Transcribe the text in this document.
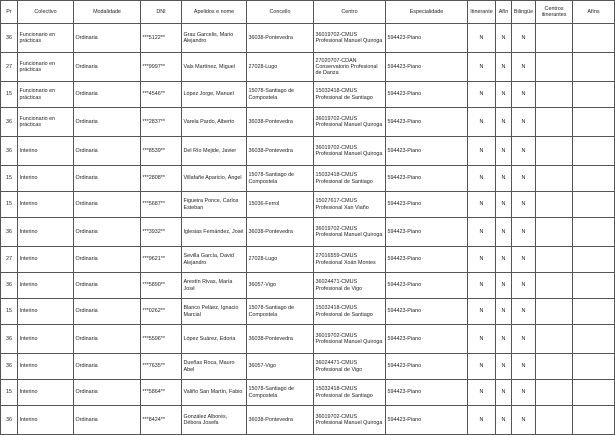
Pr	Colectivo	Modalidade	DNI	Apelidos e nome	Concello	Centro	Especialidade	Itinerante	Afín	Bilingüe	Centros itinerantes	Afíns
36	Funcionario en prácticas	Ordinaria	***5122**	Grau Garcelis, Mario Alejandro	36038-Pontevedra	36019702-CMUS Profesional Manuel Quiroga	594423-Piano	N	N	N		
27	Funcionario en prácticas	Ordinaria	***9997**	Vals Martínez, Miguel	27028-Lugo	27020707-CDAN Conservatorio Profesional de Danza	594423-Piano	N	N	N		
15	Funcionario en prácticas	Ordinaria	***4546**	López Jorge, Manuel	15078-Santiago de Compostela	15032418-CMUS Profesional de Santiago	594423-Piano	N	N	N		
36	Funcionario en prácticas	Ordinaria	***2837**	Varela Pardo, Alberto	36038-Pontevedra	36019702-CMUS Profesional Manuel Quiroga	594423-Piano	N	N	N		
36	Interino	Ordinaria	***8539**	Del Río Mejide, Javier	36038-Pontevedra	36019702-CMUS Profesional Manuel Quiroga	594423-Piano	N	N	N		
15	Interino	Ordinaria	***2808**	Villafañe Aparicio, Ángel	15078-Santiago de Compostela	15032418-CMUS Profesional de Santiago	594423-Piano	N	N	N		
15	Interino	Ordinaria	***5687**	Figueira Ponce, Carlos Esteban	15036-Ferrol	15027617-CMUS Profesional Xan Viaño	594423-Piano	N	N	N		
36	Interino	Ordinaria	***3932**	Iglesias Fernández, José	36038-Pontevedra	36019702-CMUS Profesional Manuel Quiroga	594423-Piano	N	N	N		
27	Interino	Ordinaria	***9621**	Sevilla García, David Alejandro	27028-Lugo	27016559-CMUS Profesional Xoán Montes	594423-Piano	N	N	N		
36	Interino	Ordinaria	***5890**	Arestín Rivas, María José	36057-Vigo	36024471-CMUS Profesional de Vigo	594423-Piano	N	N	N		
15	Interino	Ordinaria	***0262**	Blanco Peláez, Ignacio Marcial	15078-Santiago de Compostela	15032418-CMUS Profesional de Santiago	594423-Piano	N	N	N		
36	Interino	Ordinaria	***5596**	López Suárez, Edoria	36038-Pontevedra	36019702-CMUS Profesional Manuel Quiroga	594423-Piano	N	N	N		
36	Interino	Ordinaria	***7635**	Dueñas Roca, Mauro Abel	36057-Vigo	36024471-CMUS Profesional de Vigo	594423-Piano	N	N	N		
15	Interino	Ordinaria	***5864**	Valiño San Martín, Fabio	15078-Santiago de Compostela	15032418-CMUS Profesional de Santiago	594423-Piano	N	N	N		
36	Interino	Ordinaria	***8424**	González Alborés, Débora Josefa	36038-Pontevedra	36019702-CMUS Profesional Manuel Quiroga	594423-Piano	N	N	N		
